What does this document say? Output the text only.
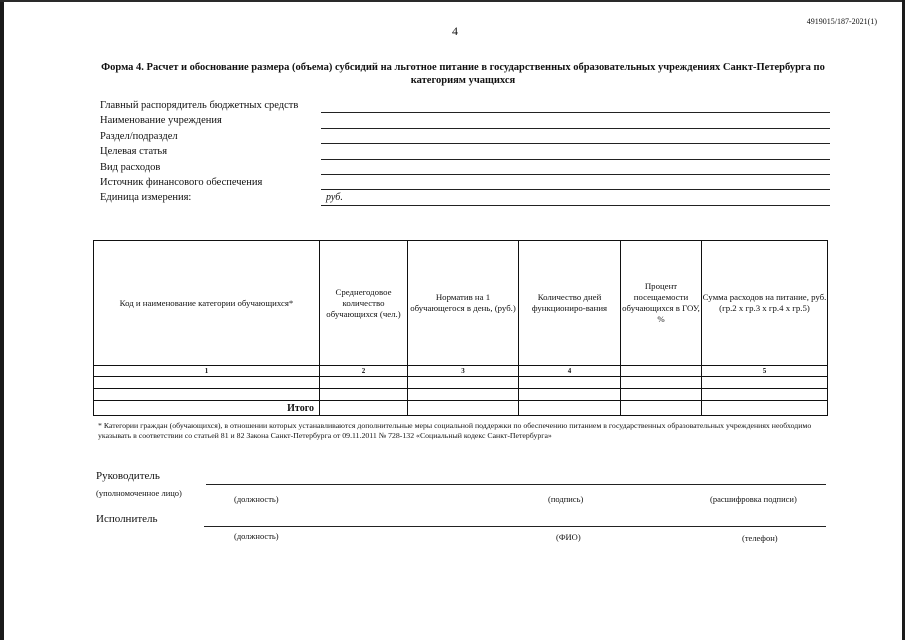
4
4919015/187-2021(1)
Форма 4. Расчет и обоснование размера (объема) субсидий на льготное питание в государственных образовательных учреждениях Санкт-Петербурга по категориям учащихся
Главный распорядитель бюджетных средств
Наименование учреждения
Раздел/подраздел
Целевая статья
Вид расходов
Источник финансового обеспечения
Единица измерения:	руб.
Код и наименование категории обучающихся*	Среднегодовое количество обучающихся (чел.)	Норматив на 1 обучающегося в день, (руб.)	Количество дней функциониро-вания	Процент посещаемости обучающихся в ГОУ, %	Сумма расходов на питание, руб. (гр.2 х гр.3 х гр.4 х гр.5)
1	2	3	4		5

Итого					
* Категории граждан (обучающихся), в отношении которых устанавливаются дополнительные меры социальной поддержки по обеспечению питанием в государственных образовательных учреждениях необходимо указывать в соответствии со статьей 81 и 82 Закона Санкт-Петербурга от 09.11.2011 № 728-132 «Социальный кодекс Санкт-Петербурга»
Руководитель
(уполномоченное лицо)
(должность)	(подпись)	(расшифровка подписи)
Исполнитель
(должность)	(ФИО)	(телефон)
